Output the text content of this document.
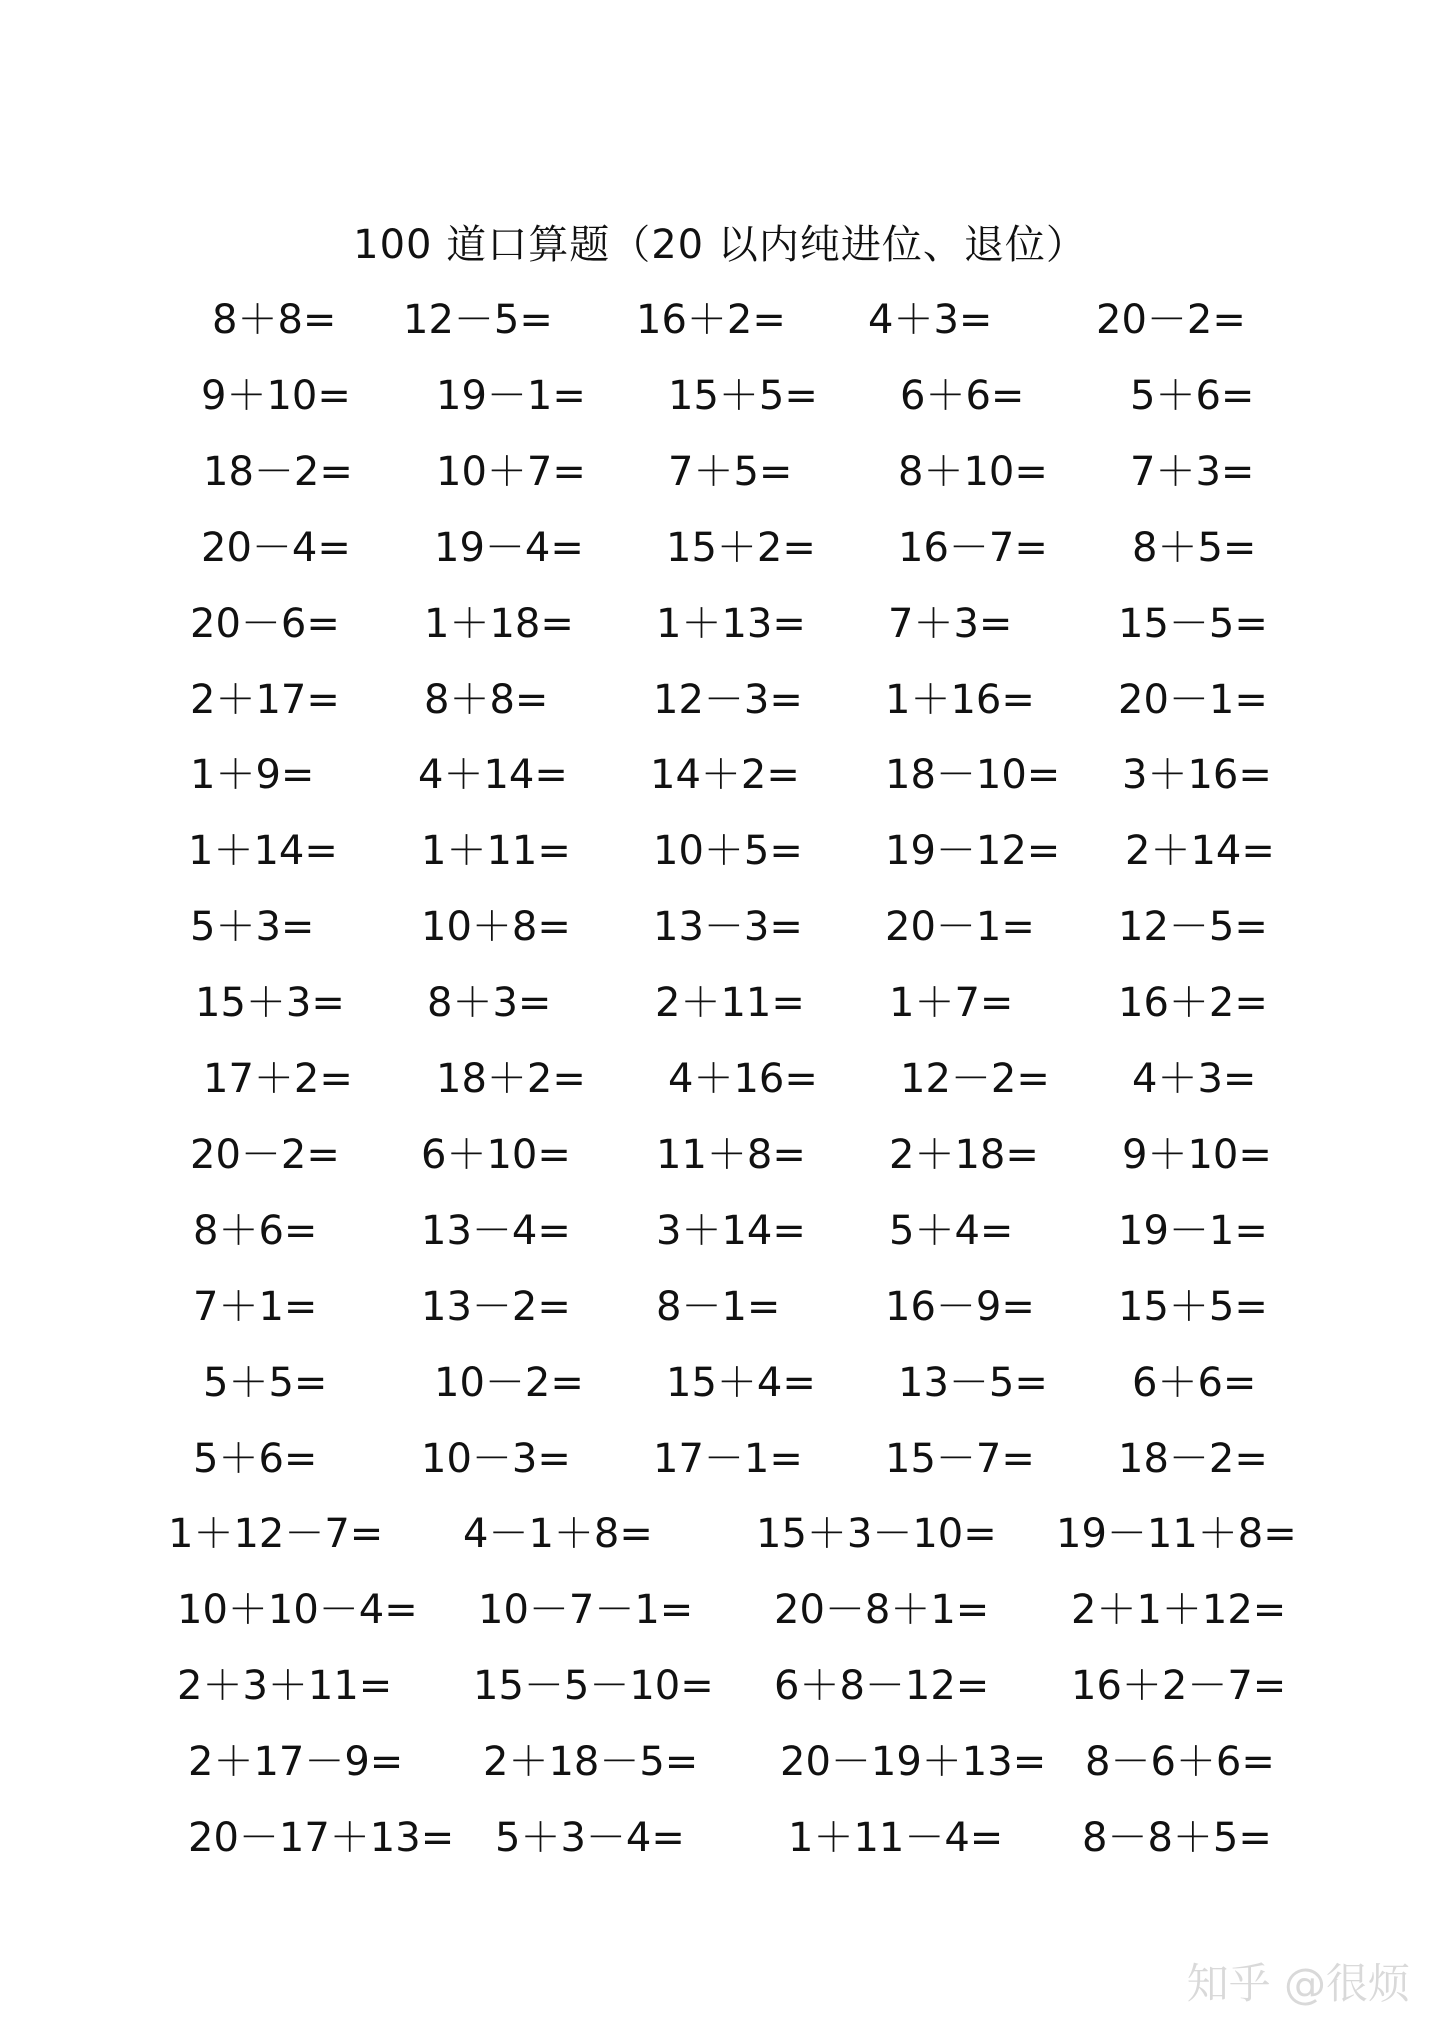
100 道口算题（20 以内纯进位、退位）
8＋8= 12－5= 16＋2= 4＋3=	20－2=
9＋10= 19－1= 15＋5= 6＋6=	5＋6=
18－2= 10＋7= 7＋5=	8＋10= 7＋3=
20－4= 19－4= 15＋2= 16－7= 8＋5=
20－6= 1＋18= 1＋13= 7＋3=	15－5=
2＋17= 8＋8=	12－3= 1＋16= 20－1=
1＋9=	4＋14= 14＋2= 18－10= 3＋16=
1＋14= 1＋11= 10＋5= 19－12= 2＋14=
5＋3=	10＋8= 13－3= 20－1= 12－5=
15＋3= 8＋3=	2＋11= 1＋7=	16＋2=
17＋2= 18＋2= 4＋16= 12－2= 4＋3=
20－2= 6＋10= 11＋8= 2＋18= 9＋10=
8＋6=	13－4= 3＋14= 5＋4=	19－1=
7＋1=	13－2= 8－1=	16－9= 15＋5=
5＋5=	10－2= 15＋4= 13－5= 6＋6=
5＋6=	10－3= 17－1= 15－7= 18－2=
1＋12－7= 4－1＋8=	15＋3－10= 19－11＋8=
10＋10－4= 10－7－1= 20－8＋1= 2＋1＋12=
2＋3＋11= 15－5－10= 6＋8－12= 16＋2－7=
2＋17－9= 2＋18－5= 20－19＋13= 8－6＋6=
20－17＋13= 5＋3－4=	1＋11－4= 8－8＋5=
知乎 @很烦
